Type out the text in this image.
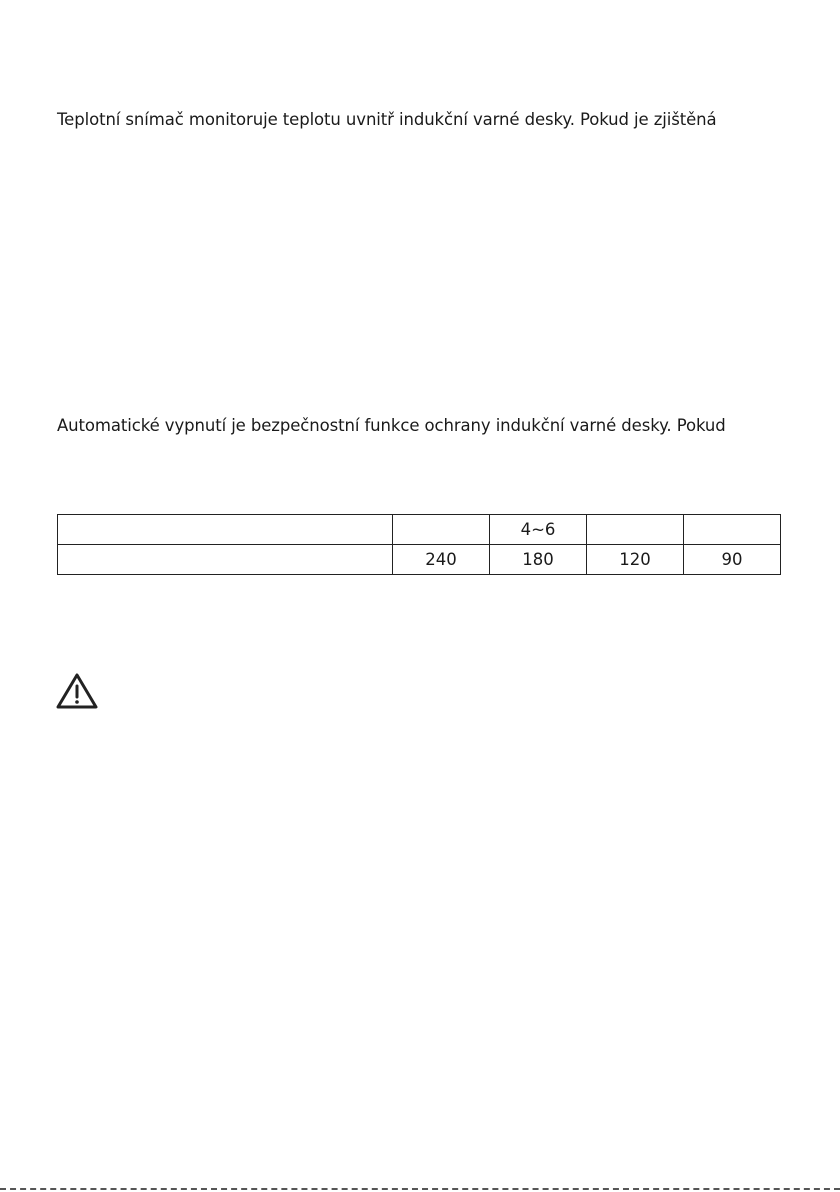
Teplotní snímač monitoruje teplotu uvnitř indukční varné desky. Pokud je zjištěná

Automatické vypnutí je bezpečnostní funkce ochrany indukční varné desky. Pokud

		4~6		
	240	180	120	90
